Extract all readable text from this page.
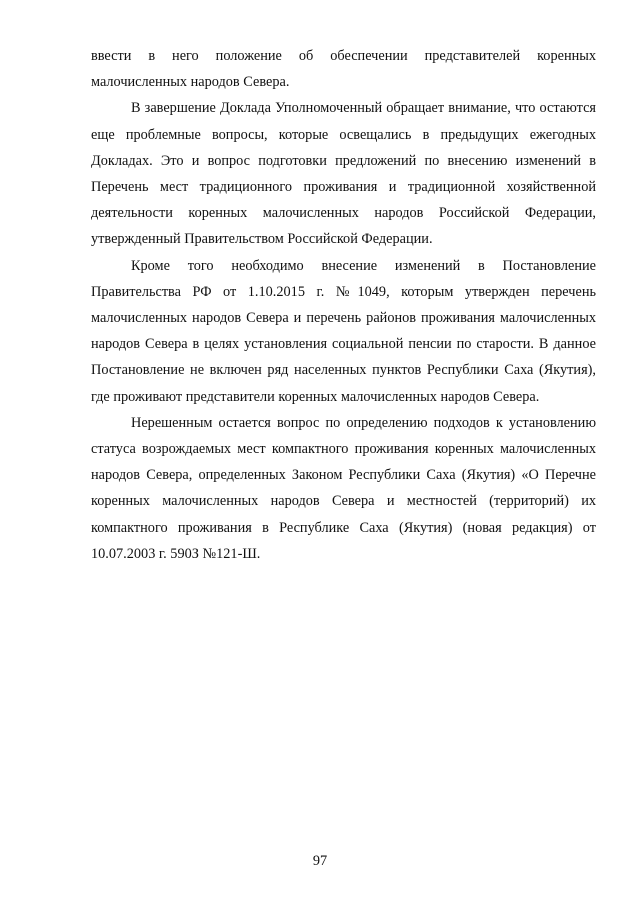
ввести в него положение об обеспечении представителей коренных малочисленных народов Севера.

В завершение Доклада Уполномоченный обращает внимание, что остаются еще проблемные вопросы, которые освещались в предыдущих ежегодных Докладах. Это и вопрос подготовки предложений по внесению изменений в Перечень мест традиционного проживания и традиционной хозяйственной деятельности коренных малочисленных народов Российской Федерации, утвержденный Правительством Российской Федерации.

Кроме того необходимо внесение изменений в Постановление Правительства РФ от 1.10.2015 г. №1049, которым утвержден перечень малочисленных народов Севера и перечень районов проживания малочисленных народов Севера в целях установления социальной пенсии по старости. В данное Постановление не включен ряд населенных пунктов Республики Саха (Якутия), где проживают представители коренных малочисленных народов Севера.

Нерешенным остается вопрос по определению подходов к установлению статуса возрождаемых мест компактного проживания коренных малочисленных народов Севера, определенных Законом Республики Саха (Якутия) «О Перечне коренных малочисленных народов Севера и местностей (территорий) их компактного проживания в Республике Саха (Якутия) (новая редакция) от 10.07.2003 г. 590З №121-Ш.

97
